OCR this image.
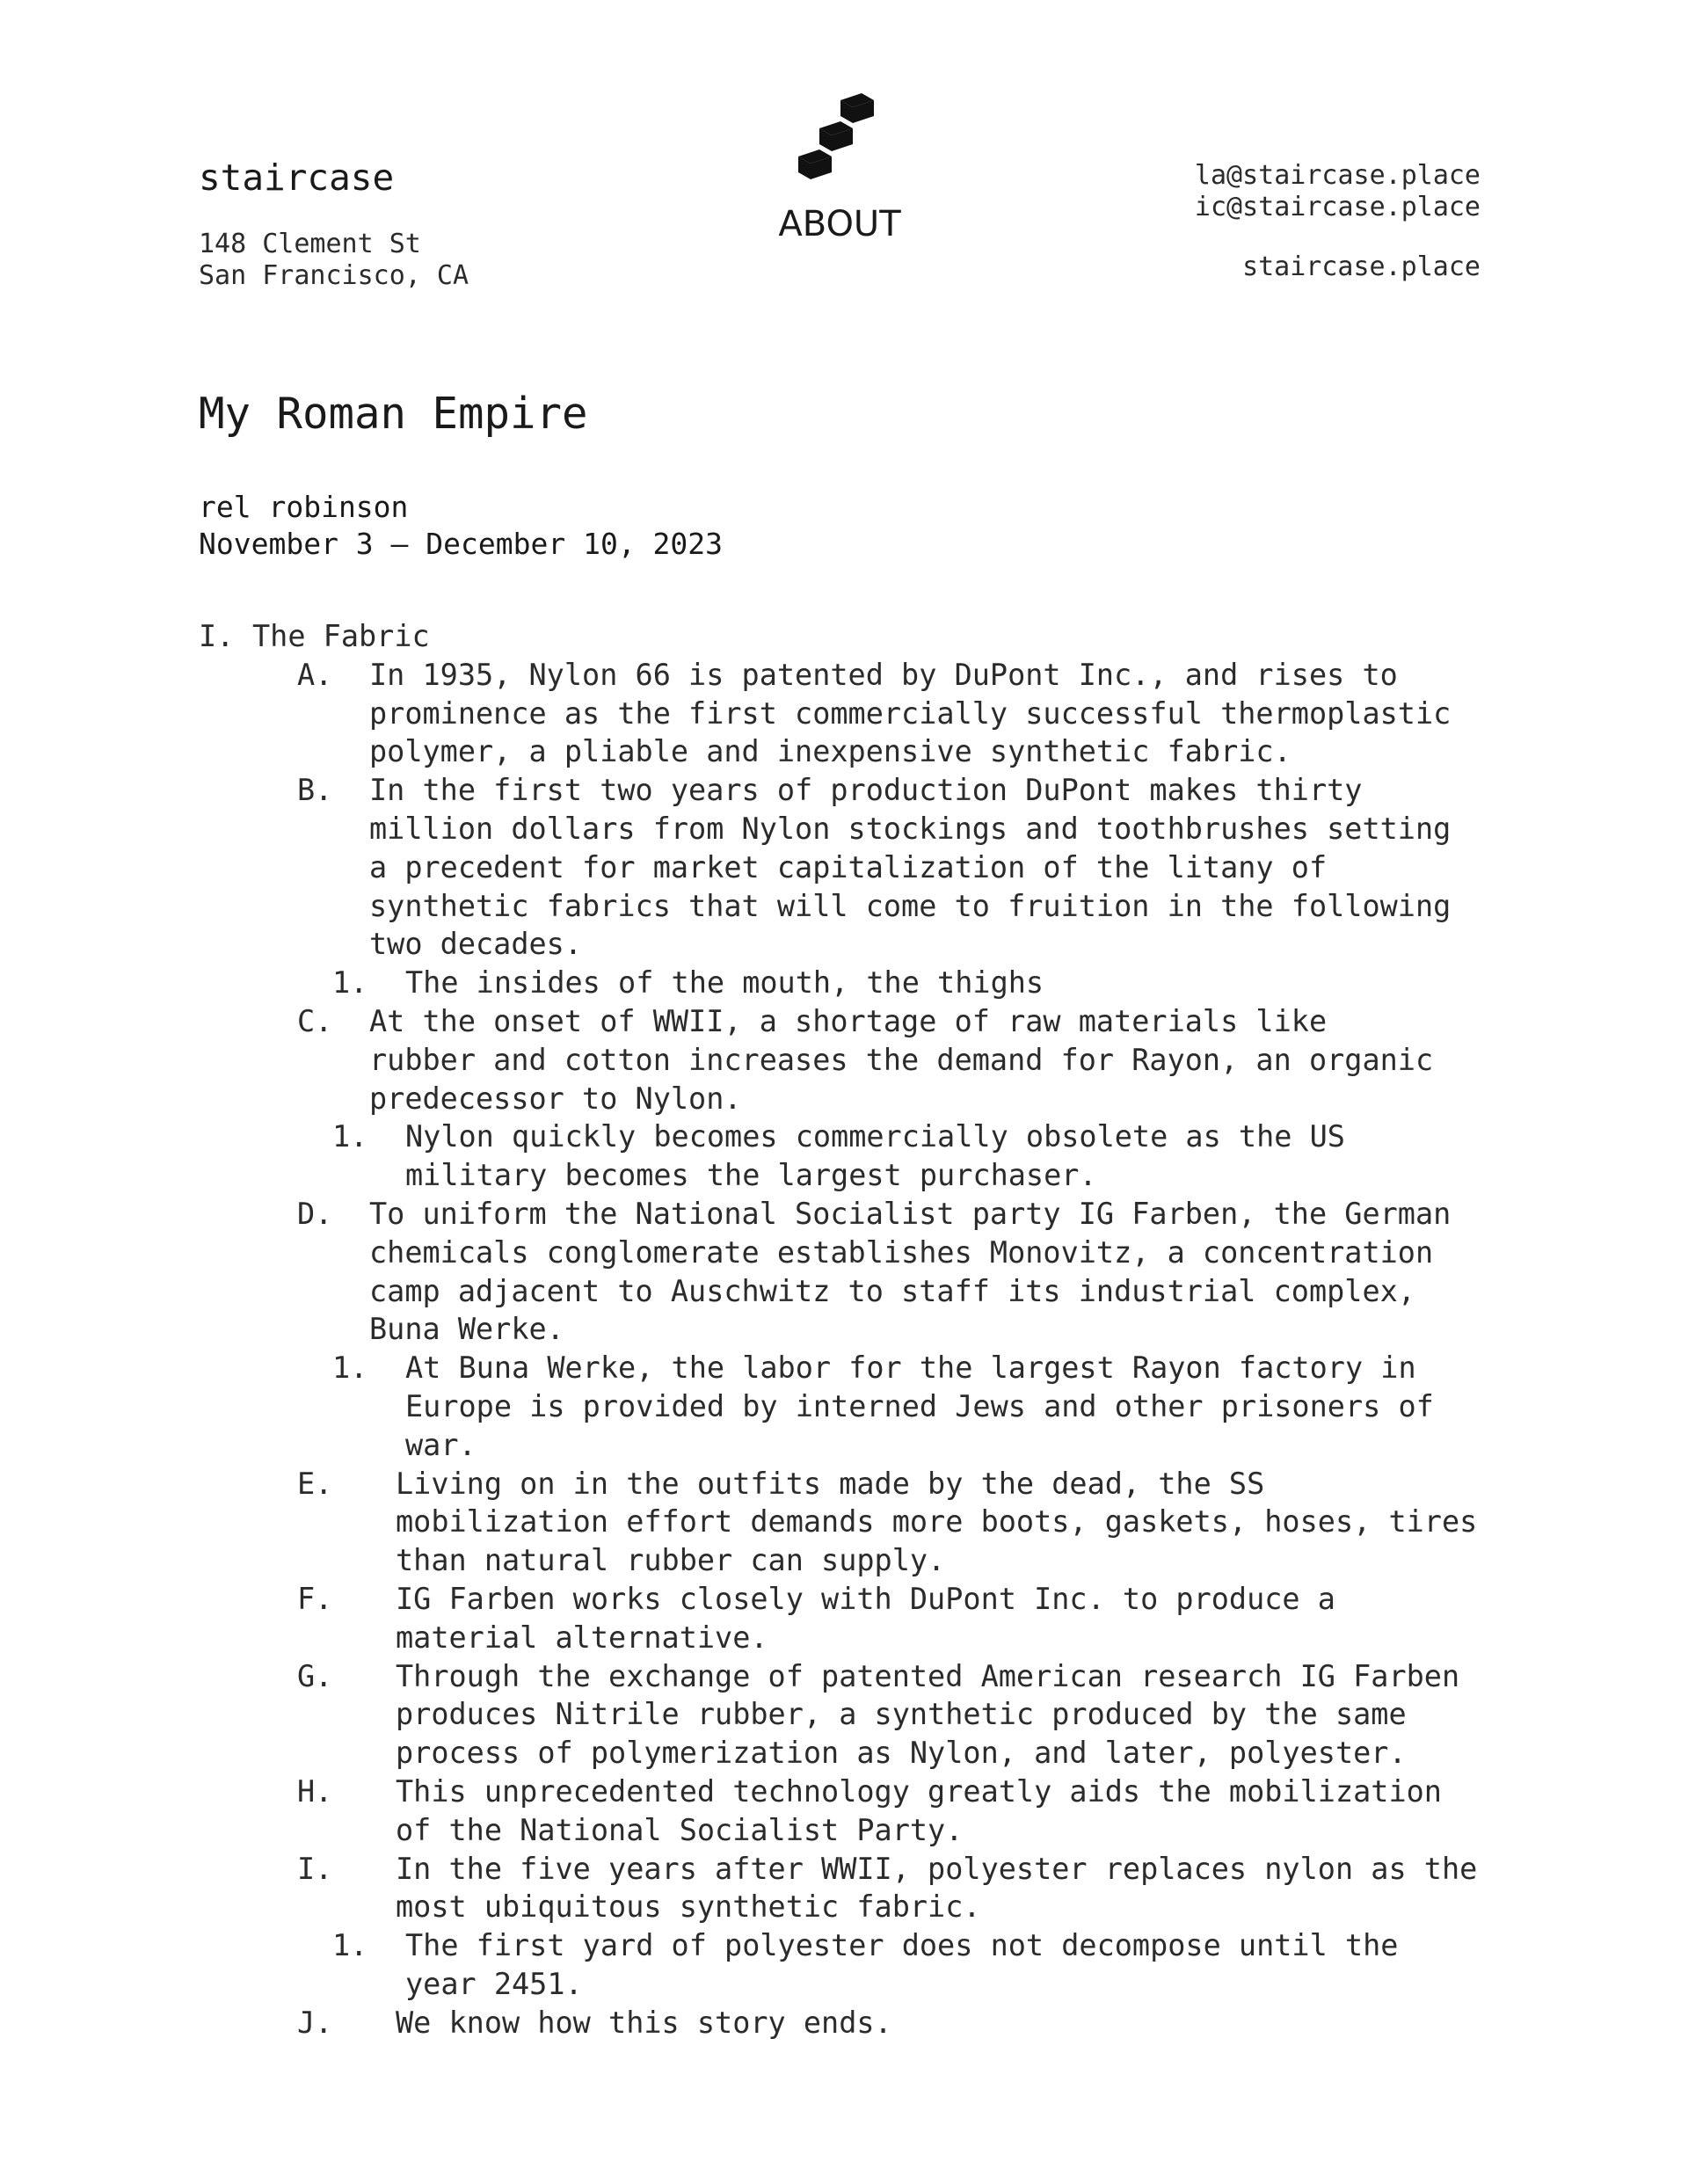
staircase
148 Clement St
San Francisco, CA
ABOUT
la@staircase.place
ic@staircase.place
staircase.place
My Roman Empire
rel robinson
November 3 – December 10, 2023
I. The Fabric
A. In 1935, Nylon 66 is patented by DuPont Inc., and rises to
prominence as the first commercially successful thermoplastic
polymer, a pliable and inexpensive synthetic fabric.
B. In the first two years of production DuPont makes thirty
million dollars from Nylon stockings and toothbrushes setting
a precedent for market capitalization of the litany of
synthetic fabrics that will come to fruition in the following
two decades.
1. The insides of the mouth, the thighs
C. At the onset of WWII, a shortage of raw materials like
rubber and cotton increases the demand for Rayon, an organic
predecessor to Nylon.
1. Nylon quickly becomes commercially obsolete as the US
military becomes the largest purchaser.
D. To uniform the National Socialist party IG Farben, the German
chemicals conglomerate establishes Monovitz, a concentration
camp adjacent to Auschwitz to staff its industrial complex,
Buna Werke.
1. At Buna Werke, the labor for the largest Rayon factory in
Europe is provided by interned Jews and other prisoners of
war.
E. Living on in the outfits made by the dead, the SS
mobilization effort demands more boots, gaskets, hoses, tires
than natural rubber can supply.
F. IG Farben works closely with DuPont Inc. to produce a
material alternative.
G. Through the exchange of patented American research IG Farben
produces Nitrile rubber, a synthetic produced by the same
process of polymerization as Nylon, and later, polyester.
H. This unprecedented technology greatly aids the mobilization
of the National Socialist Party.
I. In the five years after WWII, polyester replaces nylon as the
most ubiquitous synthetic fabric.
1. The first yard of polyester does not decompose until the
year 2451.
J. We know how this story ends.
